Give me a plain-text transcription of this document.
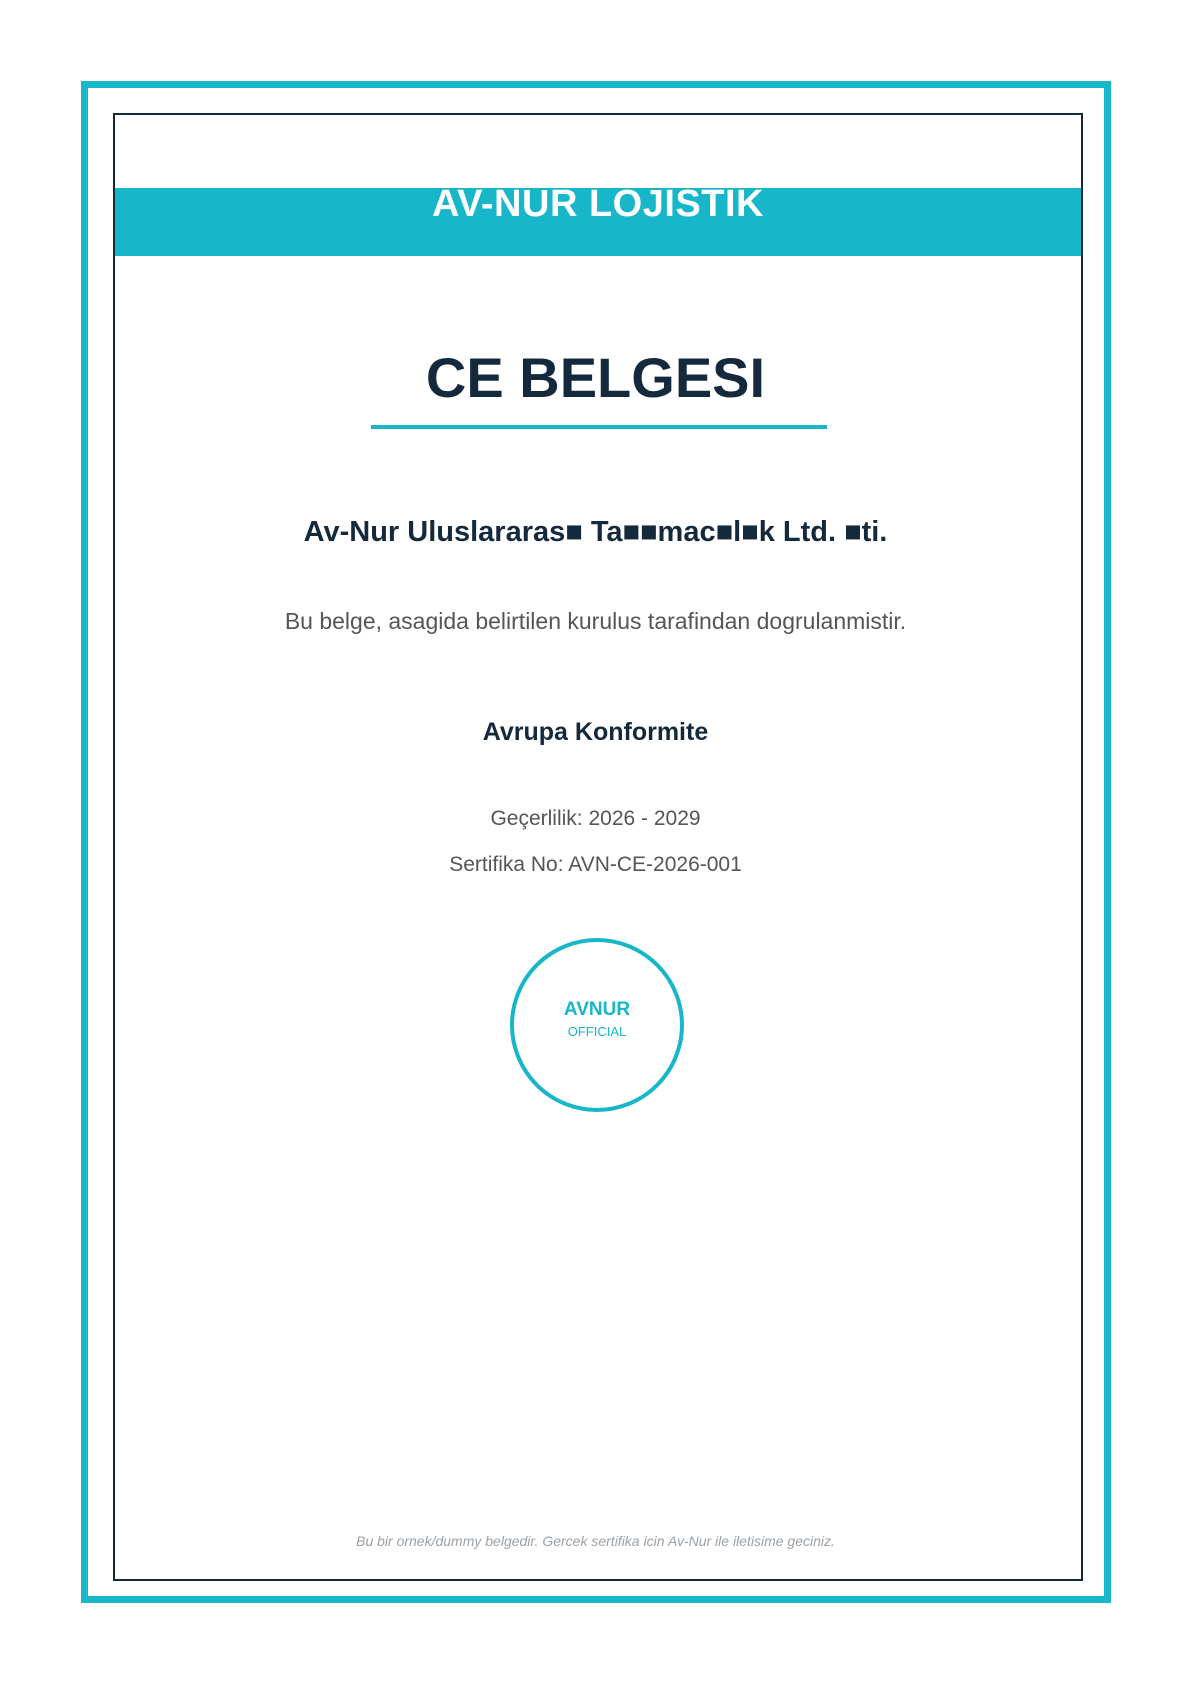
AV-NUR LOJISTIK
CE BELGESI
Av-Nur Uluslararas■ Ta■■mac■l■k Ltd. ■ti.
Bu belge, asagida belirtilen kurulus tarafindan dogrulanmistir.
Avrupa Konformite
Geçerlilik: 2026 - 2029
Sertifika No: AVN-CE-2026-001
AVNUR
OFFICIAL
Bu bir ornek/dummy belgedir. Gercek sertifika icin Av-Nur ile iletisime geciniz.
